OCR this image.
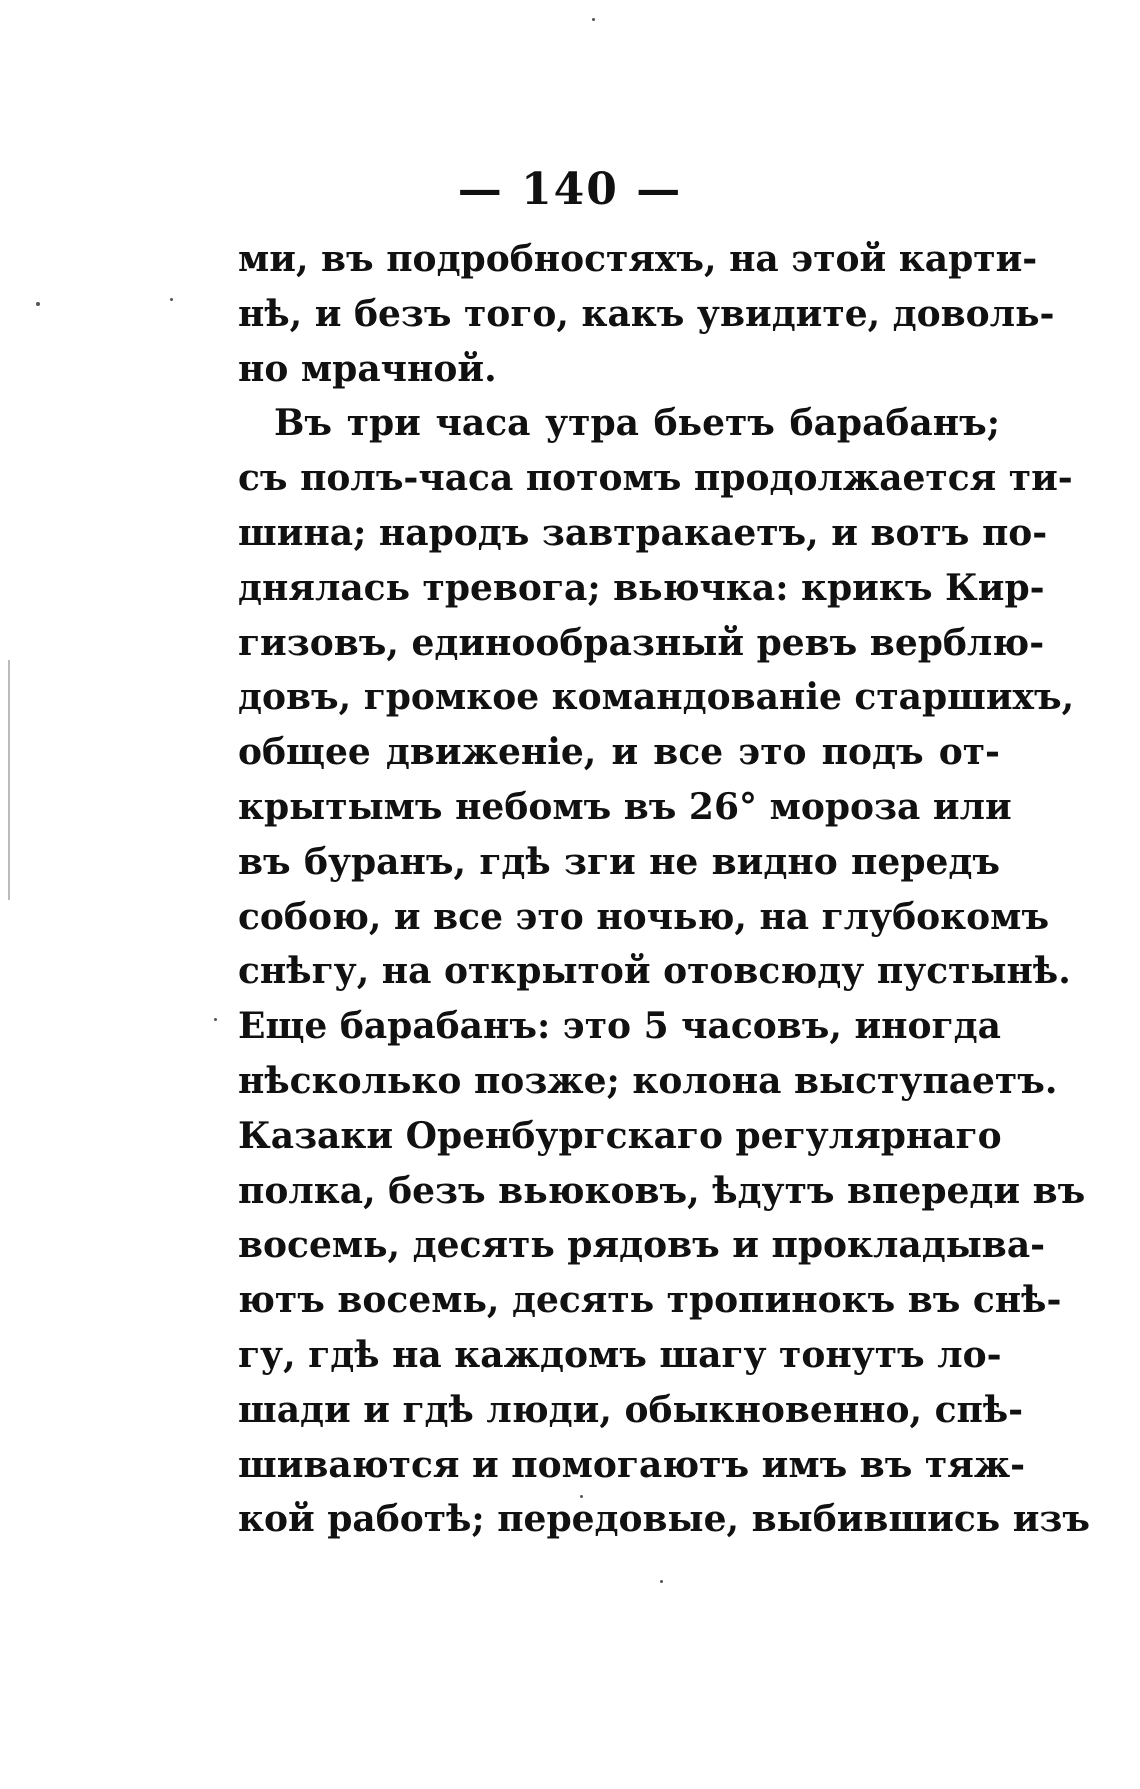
— 140 —
ми, въ подробностяхъ, на этой карти-
нѣ, и безъ того, какъ увидите, доволь-
но мрачной.
Въ три часа утра бьетъ барабанъ;
съ полъ-часа потомъ продолжается ти-
шина; народъ завтракаетъ, и вотъ по-
днялась тревога; вьючка: крикъ Кир-
гизовъ, единообразный ревъ верблю-
довъ, громкое командованіе старшихъ,
общее движеніе, и все это подъ от-
крытымъ небомъ въ 26° мороза или
въ буранъ, гдѣ зги не видно передъ
собою, и все это ночью, на глубокомъ
снѣгу, на открытой отовсюду пустынѣ.
Еще барабанъ: это 5 часовъ, иногда
нѣсколько позже; колона выступаетъ.
Казаки Оренбургскаго регулярнаго
полка, безъ вьюковъ, ѣдутъ впереди въ
восемь, десять рядовъ и прокладыва-
ютъ восемь, десять тропинокъ въ снѣ-
гу, гдѣ на каждомъ шагу тонутъ ло-
шади и гдѣ люди, обыкновенно, спѣ-
шиваются и помогаютъ имъ въ тяж-
кой работѣ; передовые, выбившись изъ
